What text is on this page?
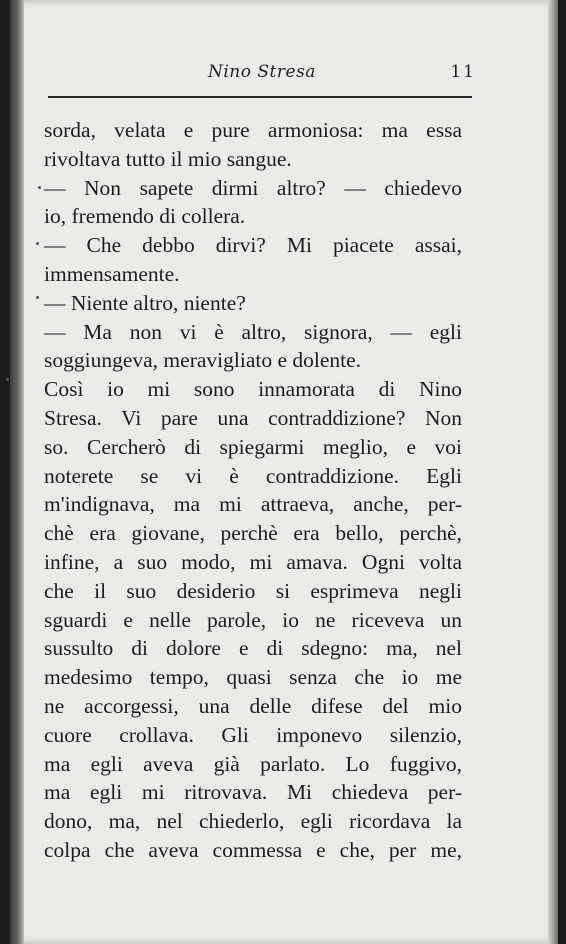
Nino Stresa	11
sorda, velata e pure armoniosa: ma essa
rivoltava tutto il mio sangue.
— Non sapete dirmi altro? — chiedevo
io, fremendo di collera.
— Che debbo dirvi? Mi piacete assai,
immensamente.
— Niente altro, niente?
— Ma non vi è altro, signora, — egli
soggiungeva, meravigliato e dolente.
Così io mi sono innamorata di Nino
Stresa. Vi pare una contraddizione? Non
so. Cercherò di spiegarmi meglio, e voi
noterete se vi è contraddizione. Egli
m'indignava, ma mi attraeva, anche, per-
chè era giovane, perchè era bello, perchè,
infine, a suo modo, mi amava. Ogni volta
che il suo desiderio si esprimeva negli
sguardi e nelle parole, io ne riceveva un
sussulto di dolore e di sdegno: ma, nel
medesimo tempo, quasi senza che io me
ne accorgessi, una delle difese del mio
cuore crollava. Gli imponevo silenzio,
ma egli aveva già parlato. Lo fuggivo,
ma egli mi ritrovava. Mi chiedeva per-
dono, ma, nel chiederlo, egli ricordava la
colpa che aveva commessa e che, per me,
